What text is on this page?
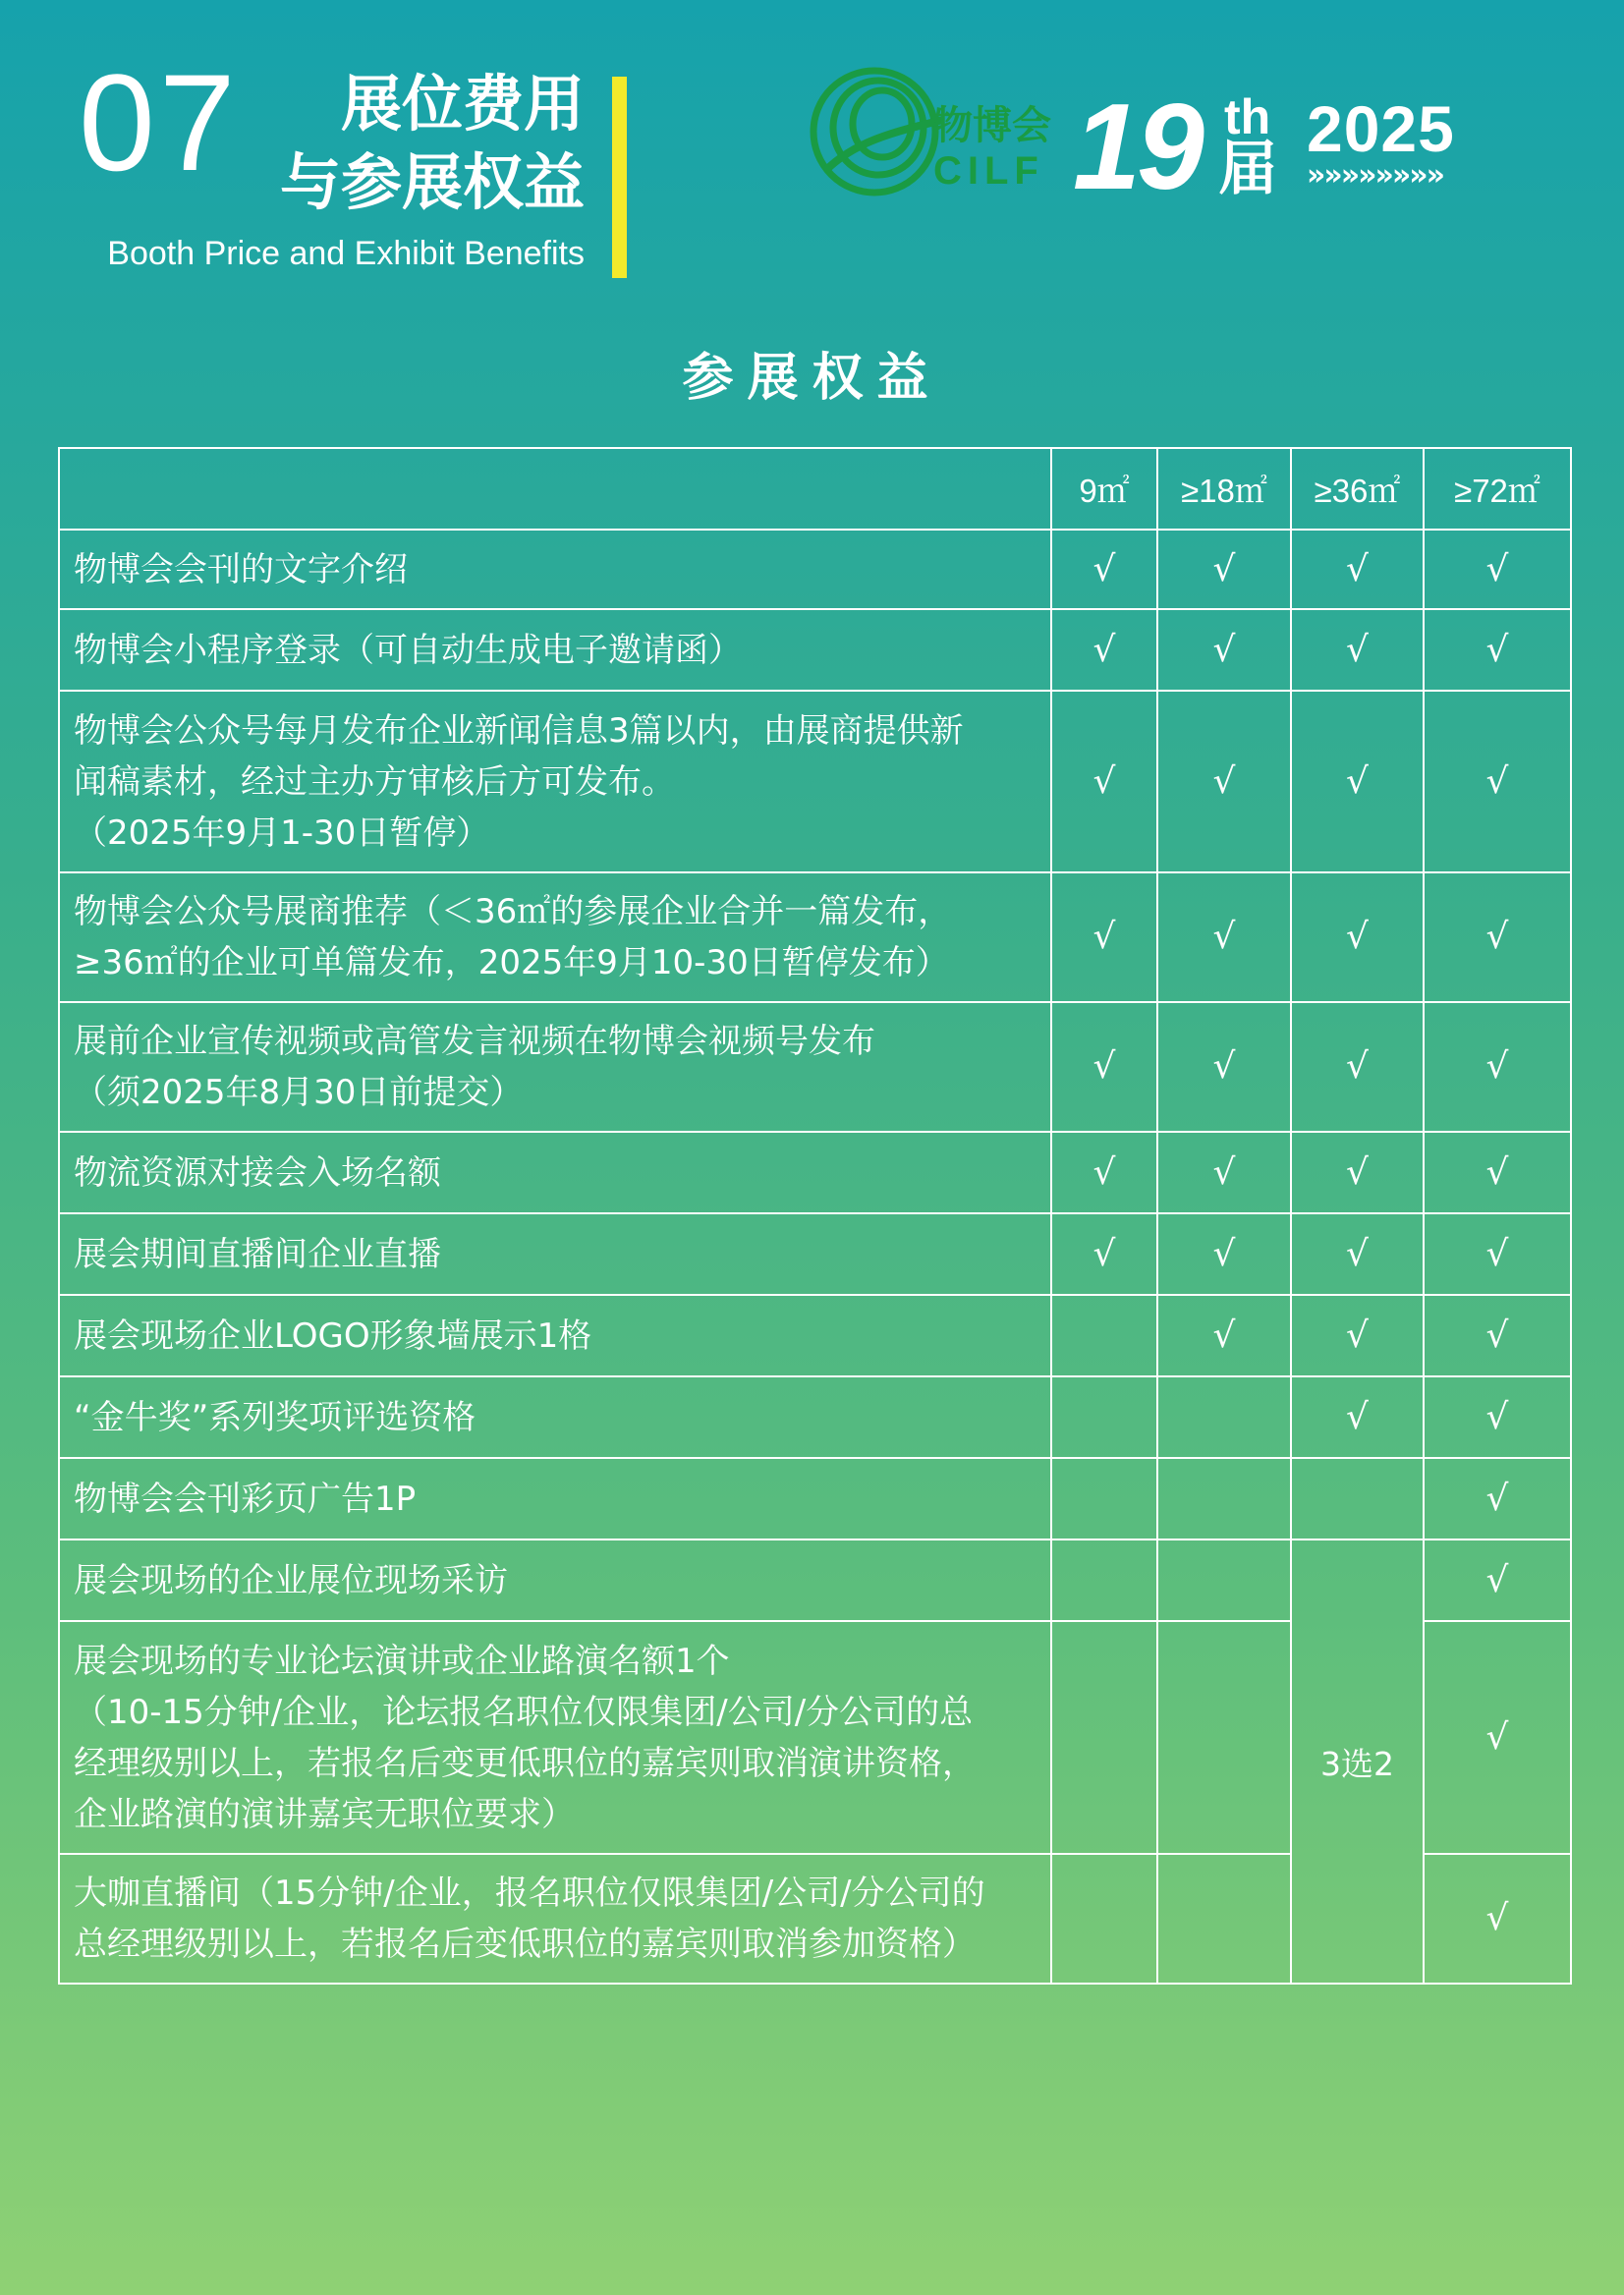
07	展位费用
与参展权益
Booth Price and Exhibit Benefits
物博会
CILF 19 th
届
2025
»»»»»»»»
参展权益
	9㎡	≥18㎡	≥36㎡	≥72㎡
物博会会刊的文字介绍	√	√	√	√
物博会小程序登录（可自动生成电子邀请函）	√	√	√	√
物博会公众号每月发布企业新闻信息3篇以内，由展商提供新
闻稿素材，经过主办方审核后方可发布。
（2025年9月1-30日暂停）	√	√	√	√
物博会公众号展商推荐（＜36㎡的参展企业合并一篇发布，
≥36㎡的企业可单篇发布，2025年9月10-30日暂停发布）	√	√	√	√
展前企业宣传视频或高管发言视频在物博会视频号发布
（须2025年8月30日前提交）	√	√	√	√
物流资源对接会入场名额	√	√	√	√
展会期间直播间企业直播	√	√	√	√
展会现场企业LOGO形象墙展示1格		√	√	√
“金牛奖”系列奖项评选资格			√	√
物博会会刊彩页广告1P				√
展会现场的企业展位现场采访			3选2	√
展会现场的专业论坛演讲或企业路演名额1个
（10-15分钟/企业，论坛报名职位仅限集团/公司/分公司的总
经理级别以上，若报名后变更低职位的嘉宾则取消演讲资格，
企业路演的演讲嘉宾无职位要求）				√
大咖直播间（15分钟/企业，报名职位仅限集团/公司/分公司的
总经理级别以上，若报名后变低职位的嘉宾则取消参加资格）				√
